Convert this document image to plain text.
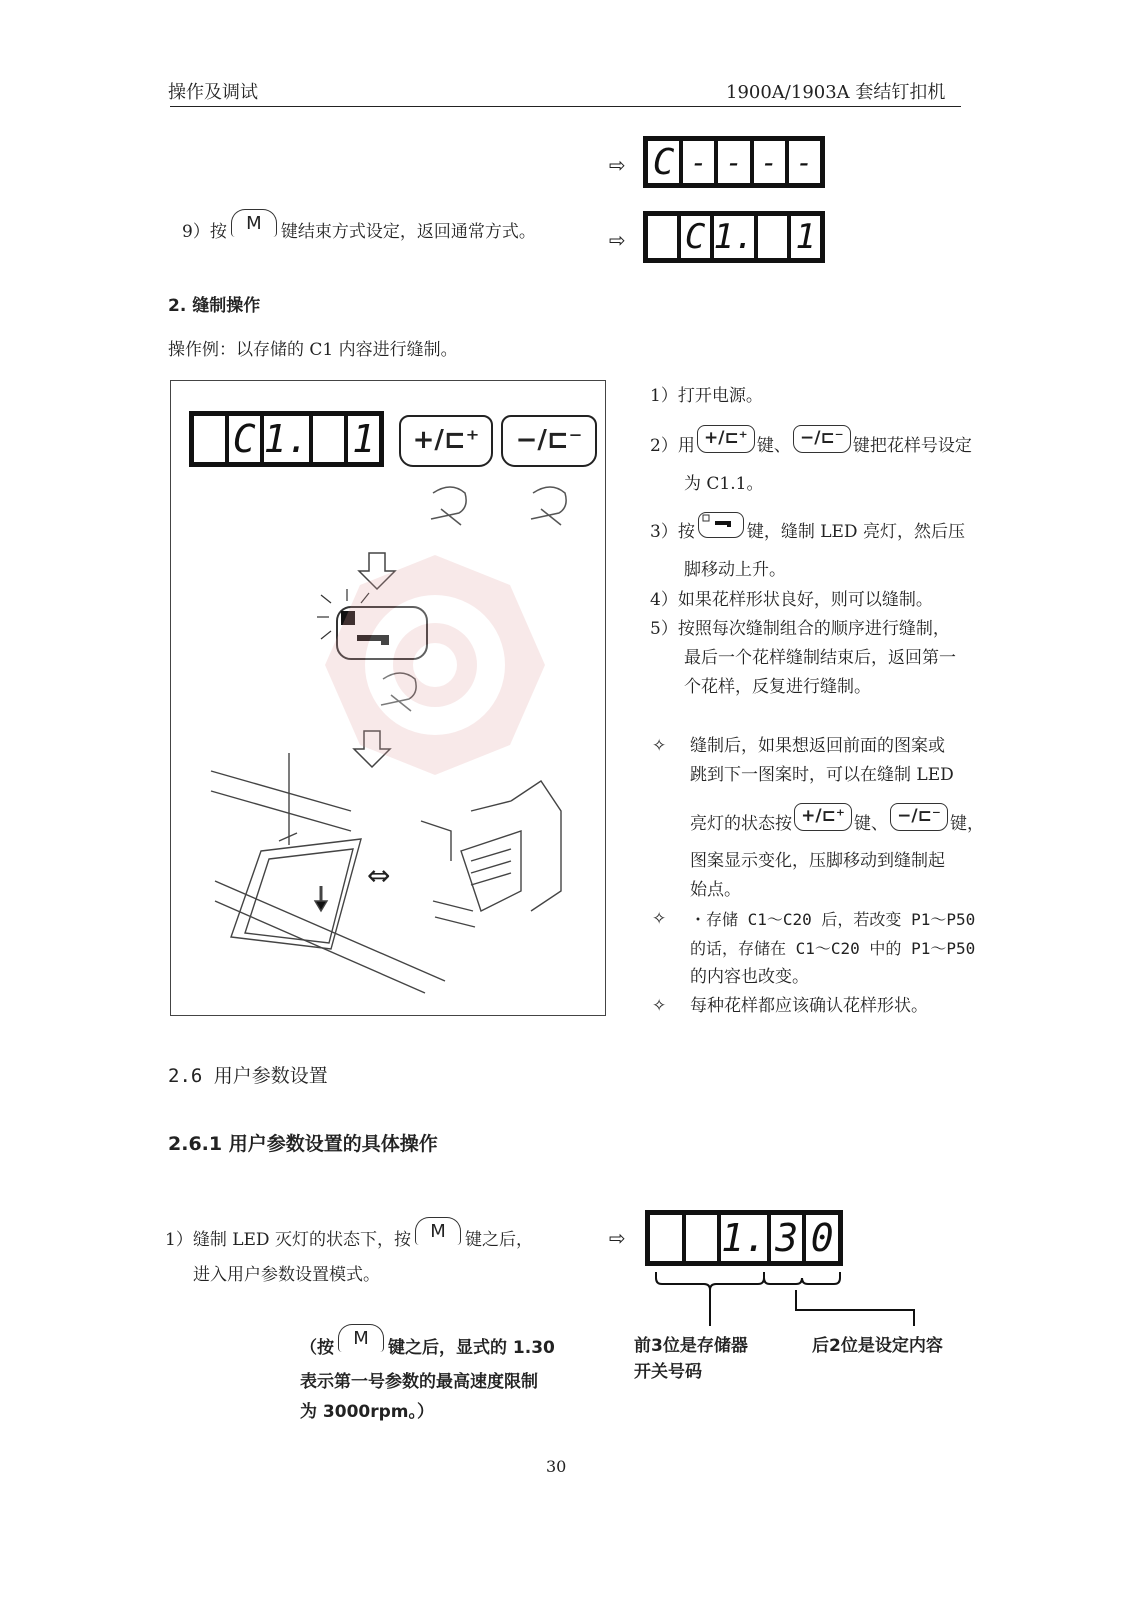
操作及调试	1900A/1903A 套结钉扣机
⇨ C - - - -
⇨ C 1. 1
9）按 M 键结束方式设定，返回通常方式。
2. 缝制操作
操作例：以存储的 C1 内容进行缝制。
C 1. 1	+/⊏⁺	−/⊏⁻
⇔
1）打开电源。
2）用 +/⊏⁺ 键、 −/⊏⁻ 键把花样号设定
为 C1.1。
3）按	键，缝制 LED 亮灯，然后压
脚移动上升。
4）如果花样形状良好，则可以缝制。
5）按照每次缝制组合的顺序进行缝制，
最后一个花样缝制结束后，返回第一
个花样，反复进行缝制。
✧ 缝制后，如果想返回前面的图案或
跳到下一图案时，可以在缝制 LED
亮灯的状态按 +/⊏⁺ 键、 −/⊏⁻ 键，
图案显示变化，压脚移动到缝制起
始点。
✧ ・存储 C1～C20 后，若改变 P1～P50
的话，存储在 C1～C20 中的 P1～P50
的内容也改变。
✧ 每种花样都应该确认花样形状。
2.6 用户参数设置
2.6.1 用户参数设置的具体操作
1）缝制 LED 灭灯的状态下，按 M 键之后，
进入用户参数设置模式。
（按 M 键之后，显式的 1.30
表示第一号参数的最高速度限制
为 3000rpm。）
⇨	1. 3 0
前3位是存储器
开关号码
后2位是设定内容
30
